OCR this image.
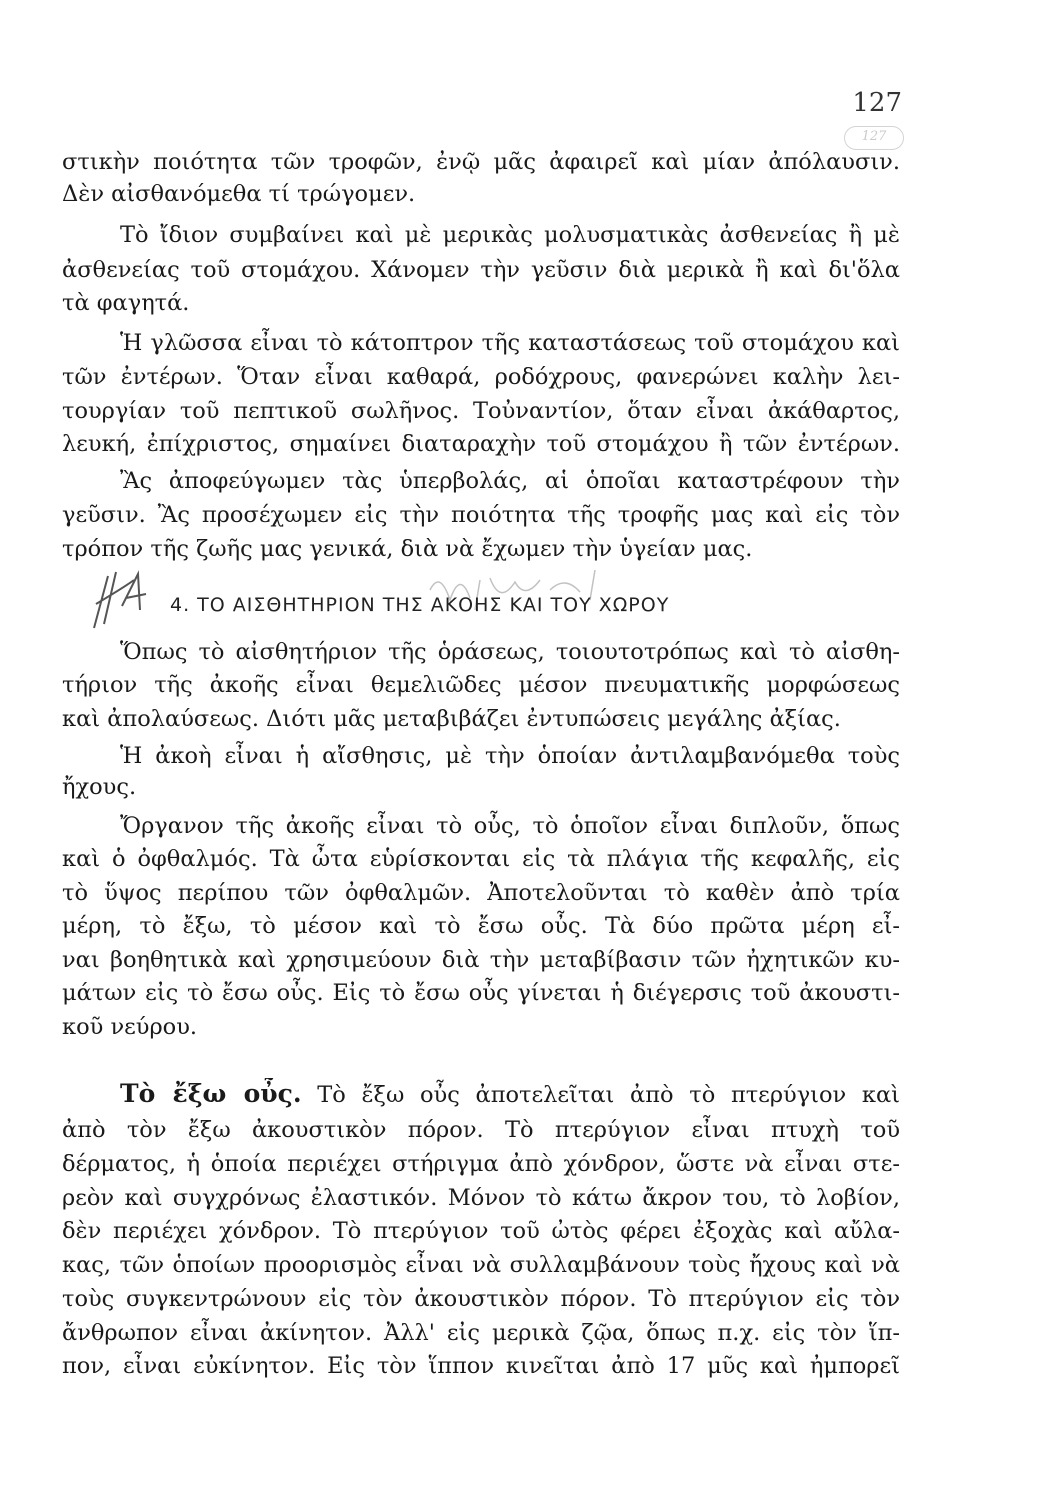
127
127
στικὴν ποιότητα τῶν τροφῶν, ἐνῷ μᾶς ἀφαιρεῖ καὶ μίαν ἀπόλαυσιν.
Δὲν αἰσθανόμεθα τί τρώγομεν.
Τὸ ἴδιον συμβαίνει καὶ μὲ μερικὰς μολυσματικὰς ἀσθενείας ἢ μὲ
ἀσθενείας τοῦ στομάχου. Χάνομεν τὴν γεῦσιν διὰ μερικὰ ἢ καὶ δι'ὅλα
τὰ φαγητά.
Ἡ γλῶσσα εἶναι τὸ κάτοπτρον τῆς καταστάσεως τοῦ στομάχου καὶ
τῶν ἐντέρων. Ὅταν εἶναι καθαρά, ροδόχρους, φανερώνει καλὴν λει-
τουργίαν τοῦ πεπτικοῦ σωλῆνος. Τοὐναντίον, ὅταν εἶναι ἀκάθαρτος,
λευκή, ἐπίχριστος, σημαίνει διαταραχὴν τοῦ στομάχου ἢ τῶν ἐντέρων.
Ἂς ἀποφεύγωμεν τὰς ὑπερβολάς, αἱ ὁποῖαι καταστρέφουν τὴν
γεῦσιν. Ἂς προσέχωμεν εἰς τὴν ποιότητα τῆς τροφῆς μας καὶ εἰς τὸν
τρόπον τῆς ζωῆς μας γενικά, διὰ νὰ ἔχωμεν τὴν ὑγείαν μας.
4. ΤΟ ΑΙΣΘΗΤΗΡΙΟΝ ΤΗΣ ΑΚΟΗΣ ΚΑΙ ΤΟΥ ΧΩΡΟΥ
Ὅπως τὸ αἰσθητήριον τῆς ὁράσεως, τοιουτοτρόπως καὶ τὸ αἰσθη-
τήριον τῆς ἀκοῆς εἶναι θεμελιῶδες μέσον πνευματικῆς μορφώσεως
καὶ ἀπολαύσεως. Διότι μᾶς μεταβιβάζει ἐντυπώσεις μεγάλης ἀξίας.
Ἡ ἀκοὴ εἶναι ἡ αἴσθησις, μὲ τὴν ὁποίαν ἀντιλαμβανόμεθα τοὺς
ἤχους.
Ὄργανον τῆς ἀκοῆς εἶναι τὸ οὖς, τὸ ὁποῖον εἶναι διπλοῦν, ὅπως
καὶ ὁ ὀφθαλμός. Τὰ ὦτα εὑρίσκονται εἰς τὰ πλάγια τῆς κεφαλῆς, εἰς
τὸ ὕψος περίπου τῶν ὀφθαλμῶν. Ἀποτελοῦνται τὸ καθὲν ἀπὸ τρία
μέρη, τὸ ἔξω, τὸ μέσον καὶ τὸ ἔσω οὖς. Τὰ δύο πρῶτα μέρη εἶ-
ναι βοηθητικὰ καὶ χρησιμεύουν διὰ τὴν μεταβίβασιν τῶν ἠχητικῶν κυ-
μάτων εἰς τὸ ἔσω οὖς. Εἰς τὸ ἔσω οὖς γίνεται ἡ διέγερσις τοῦ ἀκουστι-
κοῦ νεύρου.
Τὸ ἔξω οὖς. Τὸ ἔξω οὖς ἀποτελεῖται ἀπὸ τὸ πτερύγιον καὶ
ἀπὸ τὸν ἔξω ἀκουστικὸν πόρον. Τὸ πτερύγιον εἶναι πτυχὴ τοῦ
δέρματος, ἡ ὁποία περιέχει στήριγμα ἀπὸ χόνδρον, ὥστε νὰ εἶναι στε-
ρεὸν καὶ συγχρόνως ἐλαστικόν. Μόνον τὸ κάτω ἄκρον του, τὸ λοβίον,
δὲν περιέχει χόνδρον. Τὸ πτερύγιον τοῦ ὠτὸς φέρει ἐξοχὰς καὶ αὔλα-
κας, τῶν ὁποίων προορισμὸς εἶναι νὰ συλλαμβάνουν τοὺς ἤχους καὶ νὰ
τοὺς συγκεντρώνουν εἰς τὸν ἀκουστικὸν πόρον. Τὸ πτερύγιον εἰς τὸν
ἄνθρωπον εἶναι ἀκίνητον. Ἀλλ' εἰς μερικὰ ζῷα, ὅπως π.χ. εἰς τὸν ἵπ-
πον, εἶναι εὐκίνητον. Εἰς τὸν ἵππον κινεῖται ἀπὸ 17 μῦς καὶ ἠμπορεῖ
